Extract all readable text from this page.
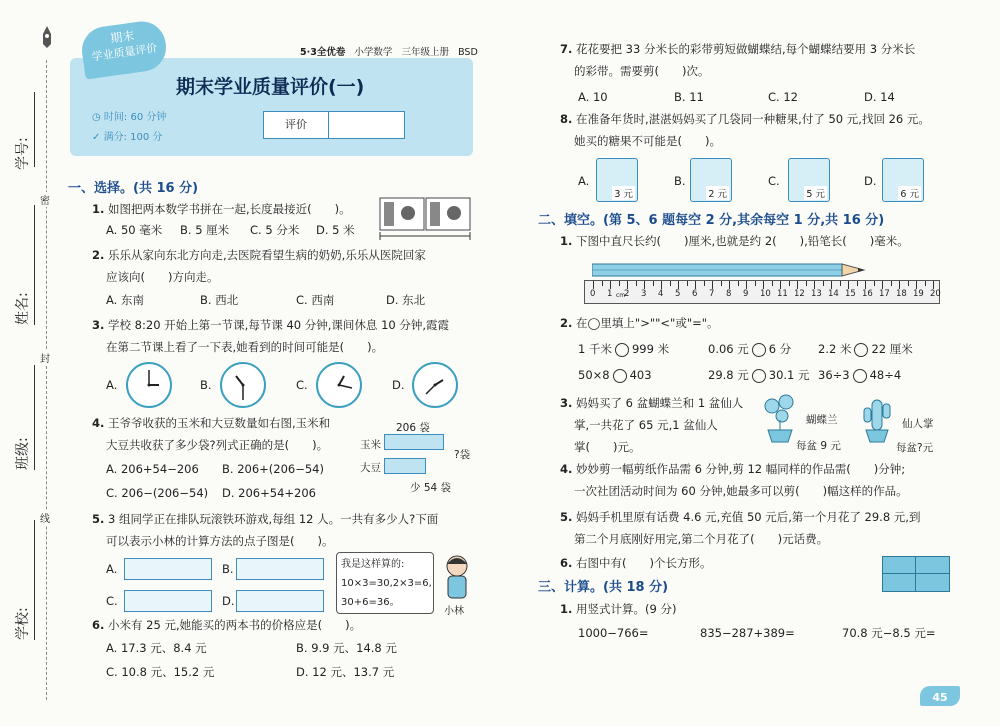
密
封
线
学号:
姓名:
班级:
学校:
期末
学业质量评价	5·3全优卷 小学数学 三年级上册 BSD
期末学业质量评价(一)
◷ 时间: 60 分钟
✓ 满分: 100 分
评价
一、选择。(共 16 分)
1. 如图把两本数学书拼在一起,长度最接近(　　)。
A. 50 毫米 B. 5 厘米 C. 5 分米 D. 5 米
2. 乐乐从家向东北方向走,去医院看望生病的奶奶,乐乐从医院回家
应该向(　　)方向走。
A. 东南	B. 西北	C. 西南	D. 东北
3. 学校 8:20 开始上第一节课,每节课 40 分钟,课间休息 10 分钟,霞霞
在第二节课上看了一下表,她看到的时间可能是(　　)。
A.	B.	C.	D.
4. 王爷爷收获的玉米和大豆数量如右图,玉米和
大豆共收获了多少袋?列式正确的是(　　)。
A. 206+54−206 B. 206+(206−54)
C. 206−(206−54) D. 206+54+206
206 袋
玉米
大豆
?袋
少 54 袋
5. 3 组同学正在排队玩滚铁环游戏,每组 12 人。一共有多少人?下面
可以表示小林的计算方法的点子图是(　　)。
A.	B.
C.	D.
我是这样算的:
10×3=30,2×3=6,
30+6=36。
小林
6. 小米有 25 元,她能买的两本书的价格应是(　　)。
A. 17.3 元、8.4 元	B. 9.9 元、14.8 元
C. 10.8 元、15.2 元	D. 12 元、13.7 元
7. 花花要把 33 分米长的彩带剪短做蝴蝶结,每个蝴蝶结要用 3 分米长
的彩带。需要剪(　　)次。
A. 10	B. 11	C. 12	D. 14
8. 在准备年货时,湛湛妈妈买了几袋同一种糖果,付了 50 元,找回 26 元。
她买的糖果不可能是(　　)。
A.	B.	C.	D.
3 元	2 元	5 元	6 元
二、填空。(第 5、6 题每空 2 分,其余每空 1 分,共 16 分)
1. 下图中直尺长约(　　)厘米,也就是约 2(　　),铅笔长(　　)毫米。
0 1 2 3 4 5 6 7 8 9 10 11 12 13 14 15 16 17 18 19 20
cm
2. 在◯里填上">""<"或"="。
1 千米 999 米	0.06 元 6 分 2.2 米 22 厘米
50×8 403	29.8 元 30.1 元 36÷3 48÷4
3. 妈妈买了 6 盆蝴蝶兰和 1 盆仙人
掌,一共花了 65 元,1 盆仙人
掌(　　)元。
蝴蝶兰
每盆 9 元
仙人掌
每盆?元
4. 妙妙剪一幅剪纸作品需 6 分钟,剪 12 幅同样的作品需(　　)分钟;
一次社团活动时间为 60 分钟,她最多可以剪(　　)幅这样的作品。
5. 妈妈手机里原有话费 4.6 元,充值 50 元后,第一个月花了 29.8 元,到
第二个月底刚好用完,第二个月花了(　　)元话费。
6. 右图中有(　　)个长方形。
三、计算。(共 18 分)
1. 用竖式计算。(9 分)
1000−766=	835−287+389=	70.8 元−8.5 元=
45
